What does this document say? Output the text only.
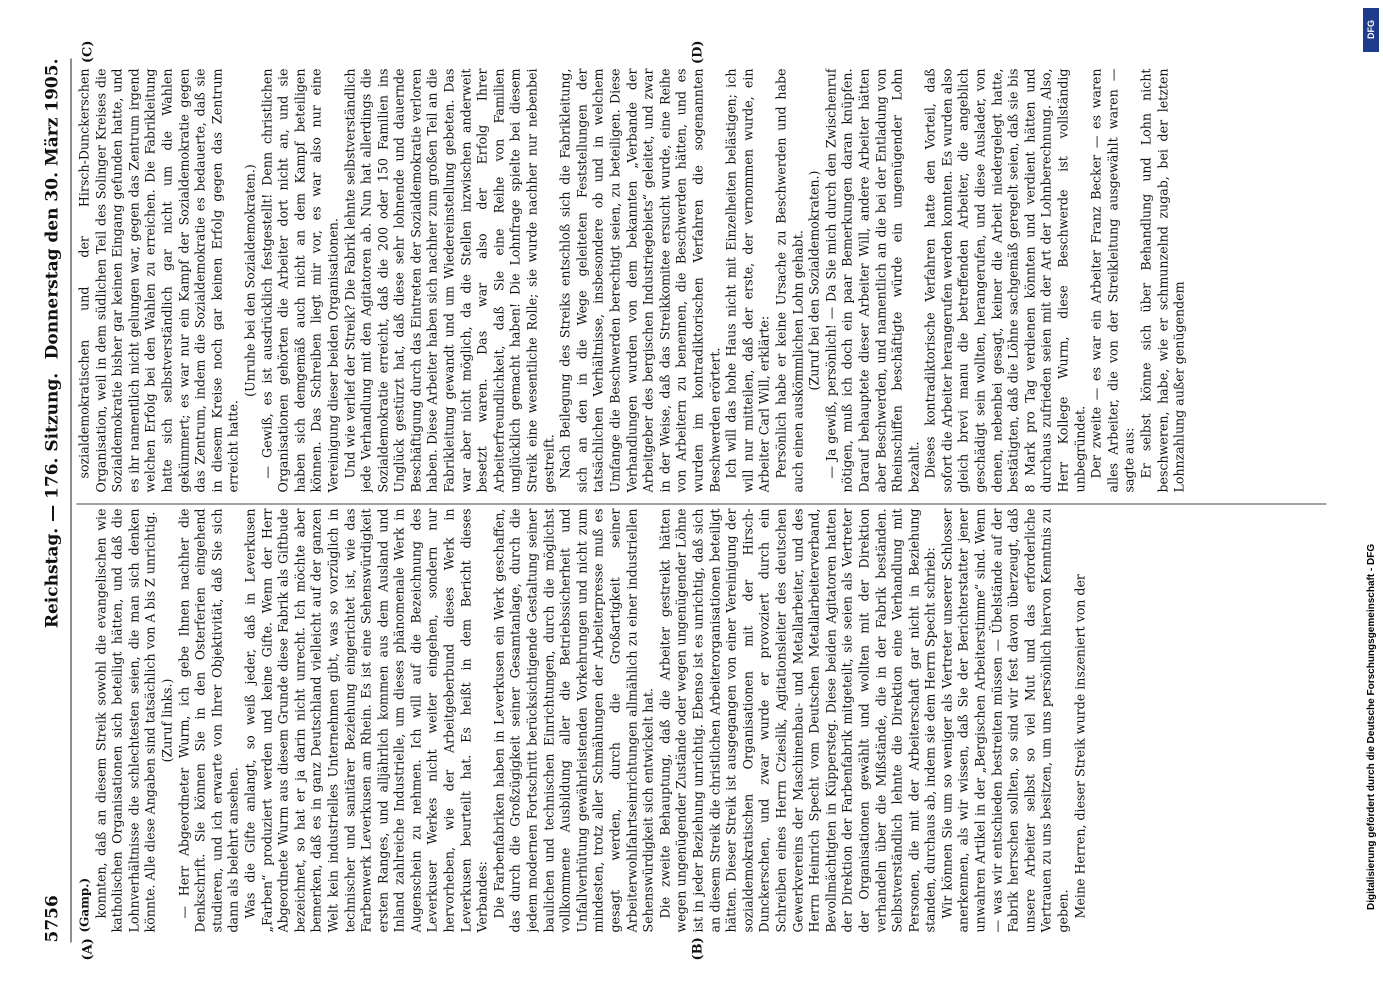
5756
Reichstag. — 176. Sitzung.
Donnerstag den 30. März 1905.
(A)	(B)
(C)	(D)

(Gamp.) konnten, daß an diesem Streik sowohl die evangelischen wie katholischen Organisationen sich beteiligt hätten, und daß die Lohnverhältnisse die schlechtesten seien, die man sich denken könnte. Alle diese Angaben sind tatsächlich von A bis Z unrichtig. (Zuruf links.) — Herr Abgeordneter Wurm, ich gebe Ihnen nachher die Denkschrift. Sie können Sie in den Osterferien eingehend studieren, und ich erwarte von Ihrer Objektivität, daß Sie sich dann als belehrt ansehen. Was die Gifte anlangt, so weiß jeder, daß in Leverkusen „Farben“ produziert werden und keine Gifte. Wenn der Herr Abgeordnete Wurm aus diesem Grunde diese Fabrik als Giftbude bezeichnet, so hat er ja darin nicht unrecht. Ich möchte aber bemerken, daß es in ganz Deutschland vielleicht auf der ganzen Welt kein industrielles Unternehmen gibt, was so vorzüglich in technischer und sanitärer Beziehung eingerichtet ist, wie das Farbenwerk Leverkusen am Rhein. Es ist eine Sehenswürdigkeit ersten Ranges, und alljährlich kommen aus dem Ausland und Inland zahlreiche Industrielle, um dieses phänomenale Werk in Augenschein zu nehmen. Ich will auf die Bezeichnung des Leverkuser Werkes nicht weiter eingehen, sondern nur hervorheben, wie der Arbeitgeberbund dieses Werk in Leverkusen beurteilt hat. Es heißt in dem Bericht dieses Verbandes: Die Farbenfabriken haben in Leverkusen ein Werk geschaffen, das durch die Großzügigkeit seiner Gesamtanlage, durch die jedem modernen Fortschritt berücksichtigende Gestaltung seiner baulichen und technischen Einrichtungen, durch die möglichst vollkommene Ausbildung aller die Betriebssicherheit und Unfallverhütung gewährleistenden Vorkehrungen und nicht zum mindesten, trotz aller Schmähungen der Arbeiterpresse muß es gesagt werden, durch die Großartigkeit seiner Arbeiterwohlfahrtseinrichtungen allmählich zu einer industriellen Sehenswürdigkeit sich entwickelt hat. Die zweite Behauptung, daß die Arbeiter gestreikt hätten wegen ungenügender Zustände oder wegen ungenügender Löhne ist in jeder Beziehung unrichtig. Ebenso ist es unrichtig, daß sich an diesem Streik die christlichen Arbeiterorganisationen beteiligt hätten. Dieser Streik ist ausgegangen von einer Vereinigung der sozialdemokratischen Organisationen mit der Hirsch-Dunckerschen, und zwar wurde er provoziert durch ein Schreiben eines Herrn Czieslik, Agitationsleiter des deutschen Gewerkvereins der Maschinenbau- und Metallarbeiter, und des Herrn Heinrich Specht vom Deutschen Metallarbeiterverband, Bevollmächtigten in Küppersteg. Diese beiden Agitatoren hatten der Direktion der Farbenfabrik mitgeteilt, sie seien als Vertreter der Organisationen gewählt und wollten mit der Direktion verhandeln über die Mißstände, die in der Fabrik beständen. Selbstverständlich lehnte die Direktion eine Verhandlung mit Personen, die mit der Arbeiterschaft gar nicht in Beziehung standen, durchaus ab, indem sie dem Herrn Specht schrieb: Wir können Sie um so weniger als Vertreter unserer Schlosser anerkennen, als wir wissen, daß Sie der Berichterstatter jener unwahren Artikel in der „Bergischen Arbeiterstimme“ sind. Wenn — was wir entschieden bestreiten müssen — Übelstände auf der Fabrik herrschen sollten, so sind wir fest davon überzeugt, daß unsere Arbeiter selbst so viel Mut und das erforderliche Vertrauen zu uns besitzen, um uns persönlich hiervon Kenntnis zu geben. Meine Herren, dieser Streik wurde inszeniert von der

sozialdemokratischen und der Hirsch-Dunckerschen Organisation, weil in dem südlichen Teil des Solinger Kreises die Sozialdemokratie bisher gar keinen Eingang gefunden hatte, und es ihr namentlich nicht gelungen war, gegen das Zentrum irgend welchen Erfolg bei den Wahlen zu erreichen. Die Fabrikleitung hatte sich selbstverständlich gar nicht um die Wahlen gekümmert; es war nur ein Kampf der Sozialdemokratie gegen das Zentrum, indem die Sozialdemokratie es bedauerte, daß sie in diesem Kreise noch gar keinen Erfolg gegen das Zentrum erreicht hatte.

(Unruhe bei den Sozialdemokraten.) — Gewiß, es ist ausdrücklich festgestellt! Denn christlichen Organisationen gehörten die Arbeiter dort nicht an, und sie haben sich demgemäß auch nicht an dem Kampf beteiligen können. Das Schreiben liegt mir vor, es war also nur eine Vereinigung dieser beiden Organisationen. Und wie verlief der Streik? Die Fabrik lehnte selbstverständlich jede Verhandlung mit den Agitatoren ab. Nun hat allerdings die Sozialdemokratie erreicht, daß die 200 oder 150 Familien ins Unglück gestürzt hat, daß diese sehr lohnende und dauernde Beschäftigung durch das Eintreten der Sozialdemokratie verloren haben. Diese Arbeiter haben sich nachher zum großen Teil an die Fabrikleitung gewandt und um Wiedereinstellung gebeten. Das war aber nicht möglich, da die Stellen inzwischen anderweit besetzt waren. Das war also der Erfolg Ihrer Arbeiterfreundlichkeit, daß Sie eine Reihe von Familien unglücklich gemacht haben! Die Lohnfrage spielte bei diesem Streik eine wesentliche Rolle; sie wurde nachher nur nebenbei gestreift. Nach Beilegung des Streiks entschloß sich die Fabrikleitung, sich an den in die Wege geleiteten Feststellungen der tatsächlichen Verhältnisse, insbesondere ob und in welchem Umfange die Beschwerden berechtigt seien, zu beteiligen. Diese Verhandlungen wurden von dem bekannten „Verbande der Arbeitgeber des bergischen Industriegebiets“ geleitet, und zwar in der Weise, daß das Streikkomitee ersucht wurde, eine Reihe von Arbeitern zu benennen, die Beschwerden hätten, und es wurden im kontradiktorischen Verfahren die sogenannten Beschwerden erörtert. Ich will das hohe Haus nicht mit Einzelheiten belästigen; ich will nur mitteilen, daß der erste, der vernommen wurde, ein Arbeiter Carl Will, erklärte: Persönlich habe er keine Ursache zu Beschwerden und habe auch einen auskömmlichen Lohn gehabt. (Zuruf bei den Sozialdemokraten.) — Ja gewiß, persönlich! — Da Sie mich durch den Zwischenruf nötigen, muß ich doch ein paar Bemerkungen daran knüpfen. Darauf behauptete dieser Arbeiter Will, andere Arbeiter hätten aber Beschwerden, und namentlich an die bei der Entladung von Rheinschiffen beschäftigte würde ein ungenügender Lohn bezahlt. Dieses kontradiktorische Verfahren hatte den Vorteil, daß sofort die Arbeiter herangerufen werden konnten. Es wurden also gleich brevi manu die betreffenden Arbeiter, die angeblich geschädigt sein wollten, herangerufen, und diese Auslader, von denen, nebenbei gesagt, keiner die Arbeit niedergelegt hatte, bestätigten, daß die Löhne sachgemäß geregelt seien, daß sie bis 8 Mark pro Tag verdienen könnten und verdient hätten und durchaus zufrieden seien mit der Art der Lohnberechnung. Also, Herr Kollege Wurm, diese Beschwerde ist vollständig unbegründet. Der zweite — es war ein Arbeiter Franz Becker — es waren alles Arbeiter, die von der Streikleitung ausgewählt waren — sagte aus: Er selbst könne sich über Behandlung und Lohn nicht beschweren, habe, wie er schmunzelnd zugab, bei der letzten Lohnzahlung außer genügendem

Digitalisierung gefördert durch die Deutsche Forschungsgemeinschaft - DFG
DFG
